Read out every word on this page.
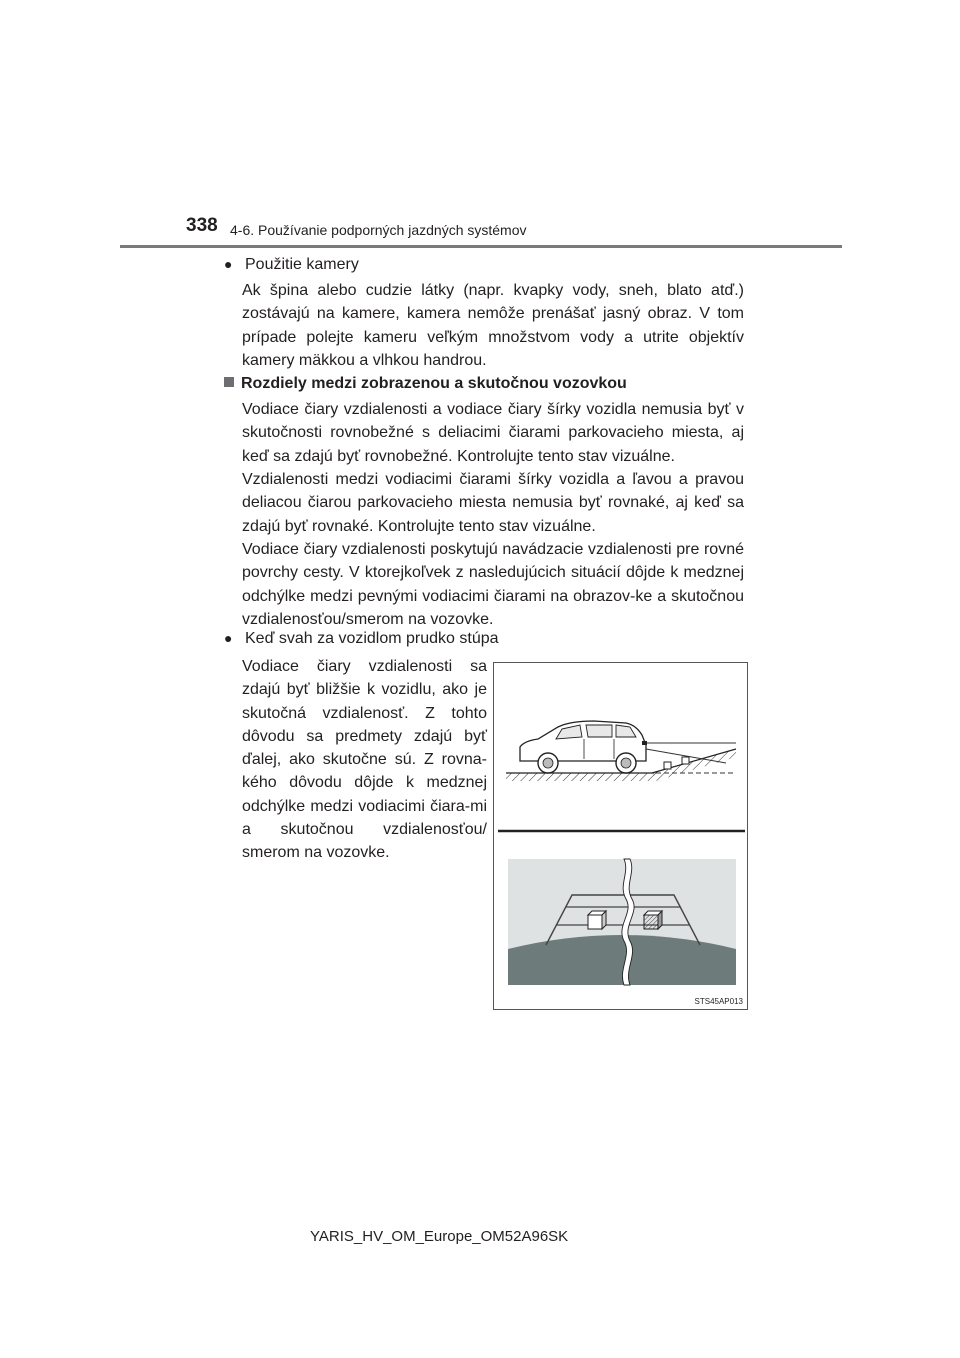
338 4-6. Používanie podporných jazdných systémov
● Použitie kamery

Ak špina alebo cudzie látky (napr. kvapky vody, sneh, blato atď.) zostávajú na kamere, kamera nemôže prenášať jasný obraz. V tom prípade polejte kameru veľkým množstvom vody a utrite objektív kamery mäkkou a vlhkou handrou.

Rozdiely medzi zobrazenou a skutočnou vozovkou

Vodiace čiary vzdialenosti a vodiace čiary šírky vozidla nemusia byť v skutočnosti rovnobežné s deliacimi čiarami parkovacieho miesta, aj keď sa zdajú byť rovnobežné. Kontrolujte tento stav vizuálne.

Vzdialenosti medzi vodiacimi čiarami šírky vozidla a ľavou a pravou deliacou čiarou parkovacieho miesta nemusia byť rovnaké, aj keď sa zdajú byť rovnaké. Kontrolujte tento stav vizuálne.

Vodiace čiary vzdialenosti poskytujú navádzacie vzdialenosti pre rovné povrchy cesty. V ktorejkoľvek z nasledujúcich situácií dôjde k medznej odchýlke medzi pevnými vodiacimi čiarami na obrazov-ke a skutočnou vzdialenosťou/smerom na vozovke.

● Keď svah za vozidlom prudko stúpa

Vodiace čiary vzdialenosti sa zdajú byť bližšie k vozidlu, ako je skutočná vzdialenosť. Z tohto dôvodu sa predmety zdajú byť ďalej, ako skutočne sú. Z rovna-kého dôvodu dôjde k medznej odchýlke medzi vodiacimi čiara-mi a skutočnou vzdialenosťou/ smerom na vozovke.

STS45AP013
YARIS_HV_OM_Europe_OM52A96SK
